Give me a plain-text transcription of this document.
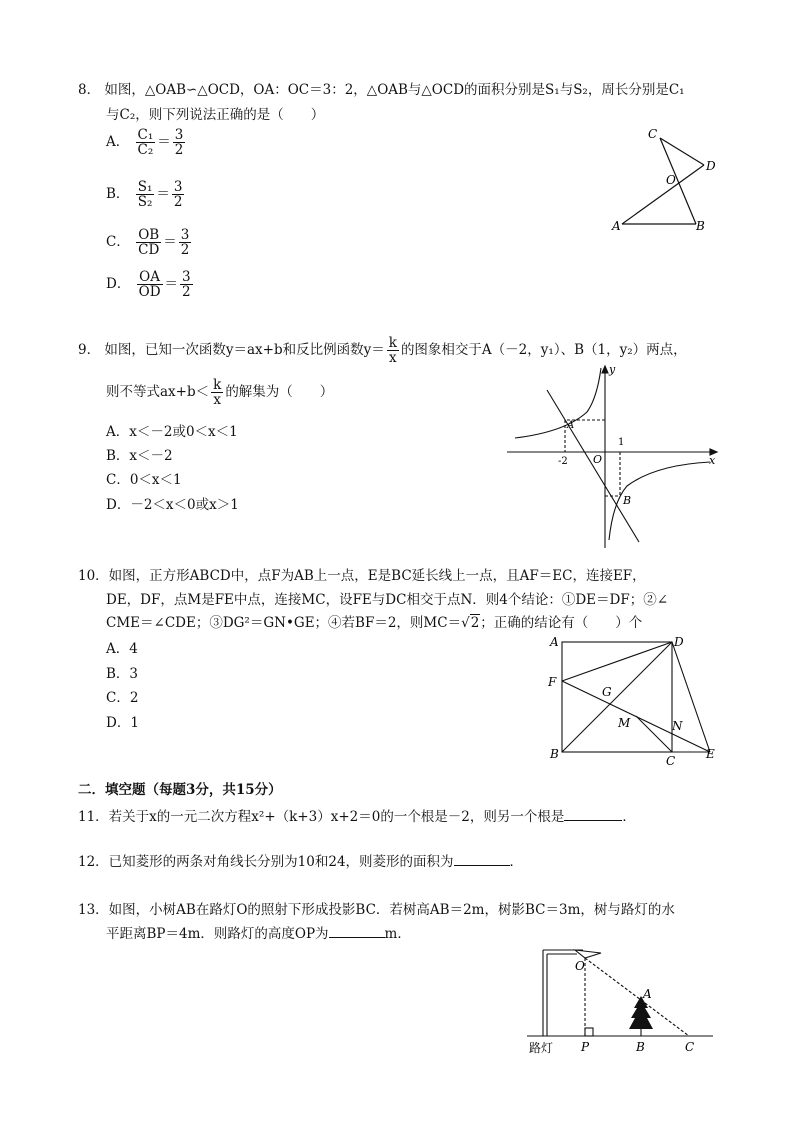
8． 如图，△OAB∽△OCD，OA：OC＝3：2，△OAB与△OCD的面积分别是S₁与S₂，周长分别是C₁
与C₂，则下列说法正确的是（　　）
A． $\frac{\text{C₁}}{\text{C₂}} = \frac{3}{2}$
B． $\frac{\text{S₁}}{\text{S₂}} = \frac{3}{2}$
C． $\frac{OB}{CD} = \frac{3}{2}$
D． $\frac{OA}{OD} = \frac{3}{2}$
C
D
O
A	B
9． 如图，已知一次函数y＝ax+b和反比例函数$y= \frac{k}{x}$ 的图象相交于A（－2，y₁）、B（1，y₂）两点，
则不等式$ax+b< \frac{k}{x}$ 的解集为（　　）
A．x＜－2或0＜x＜1
B．x＜－2
C．0＜x＜1
D．－2＜x＜0或x＞1
y
x
A
B
O
1
-2
10．如图，正方形ABCD中，点F为AB上一点，E是BC延长线上一点，且AF＝EC，连接EF，
DE，DF，点M是FE中点，连接MC，设FE与DC相交于点N．则4个结论：①DE＝DF；②∠
CME＝∠CDE；③DG²＝GN•GE；④若BF＝2，则MC＝√2；正确的结论有（　　）个
A．4
B．3
C．2
D．1
A	D
F
G
M	N
B	C	E
二．填空题（每题3分，共15分）
11．若关于x的一元二次方程x²+（k+3）x+2＝0的一个根是－2，则另一个根是	．
12．已知菱形的两条对角线长分别为10和24，则菱形的面积为	．
13．如图，小树AB在路灯O的照射下形成投影BC．若树高AB＝2m，树影BC＝3m，树与路灯的水
平距离BP＝4m．则路灯的高度OP为	m．
O
A
P	B	C
路灯
